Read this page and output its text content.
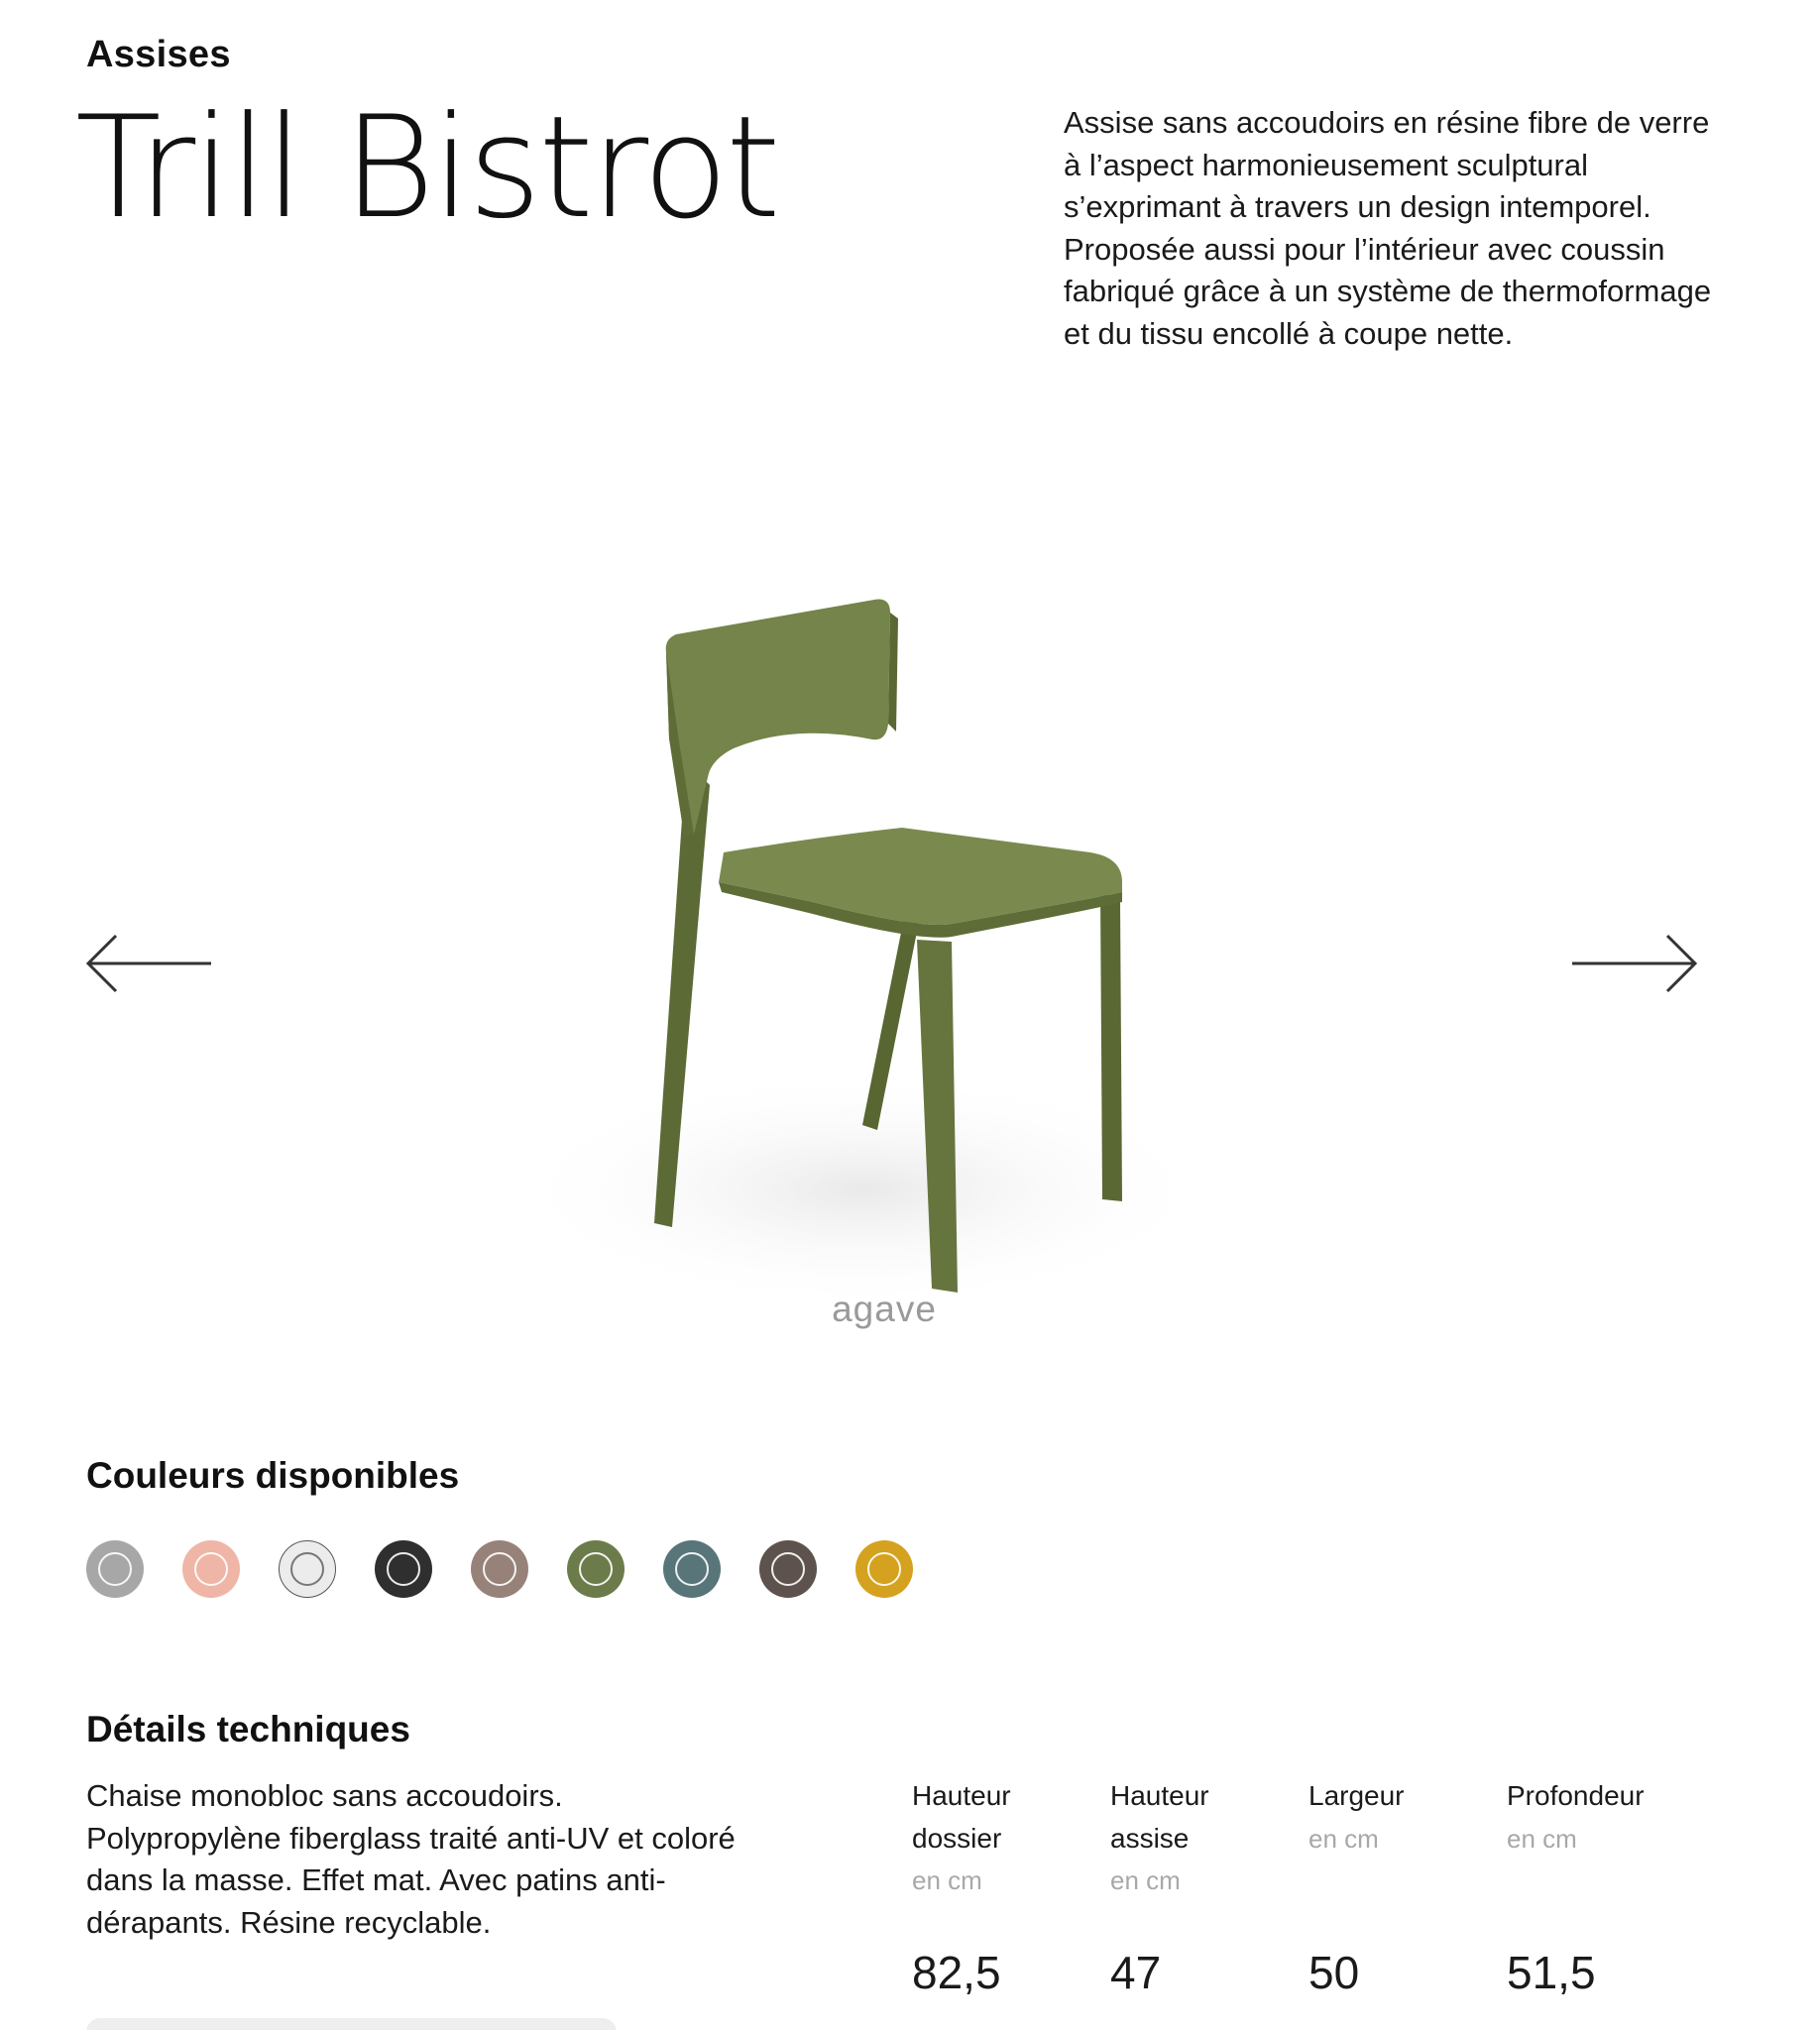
Assises
Trill Bistrot	Assise sans accoudoirs en résine fibre de verre à l’aspect harmonieusement sculptural s’exprimant à travers un design intemporel. Proposée aussi pour l’intérieur avec coussin fabriqué grâce à un système de thermoformage et du tissu encollé à coupe nette.

agave
Couleurs disponibles
Détails techniques

Chaise monobloc sans accoudoirs. Polypropylène fiberglass traité anti-UV et coloré dans la masse. Effet mat. Avec patins anti-dérapants. Résine recyclable.

Hauteur dossier
en cm
82,5
Hauteur assise
en cm
47
Largeur
en cm
50
Profondeur
en cm
51,5
